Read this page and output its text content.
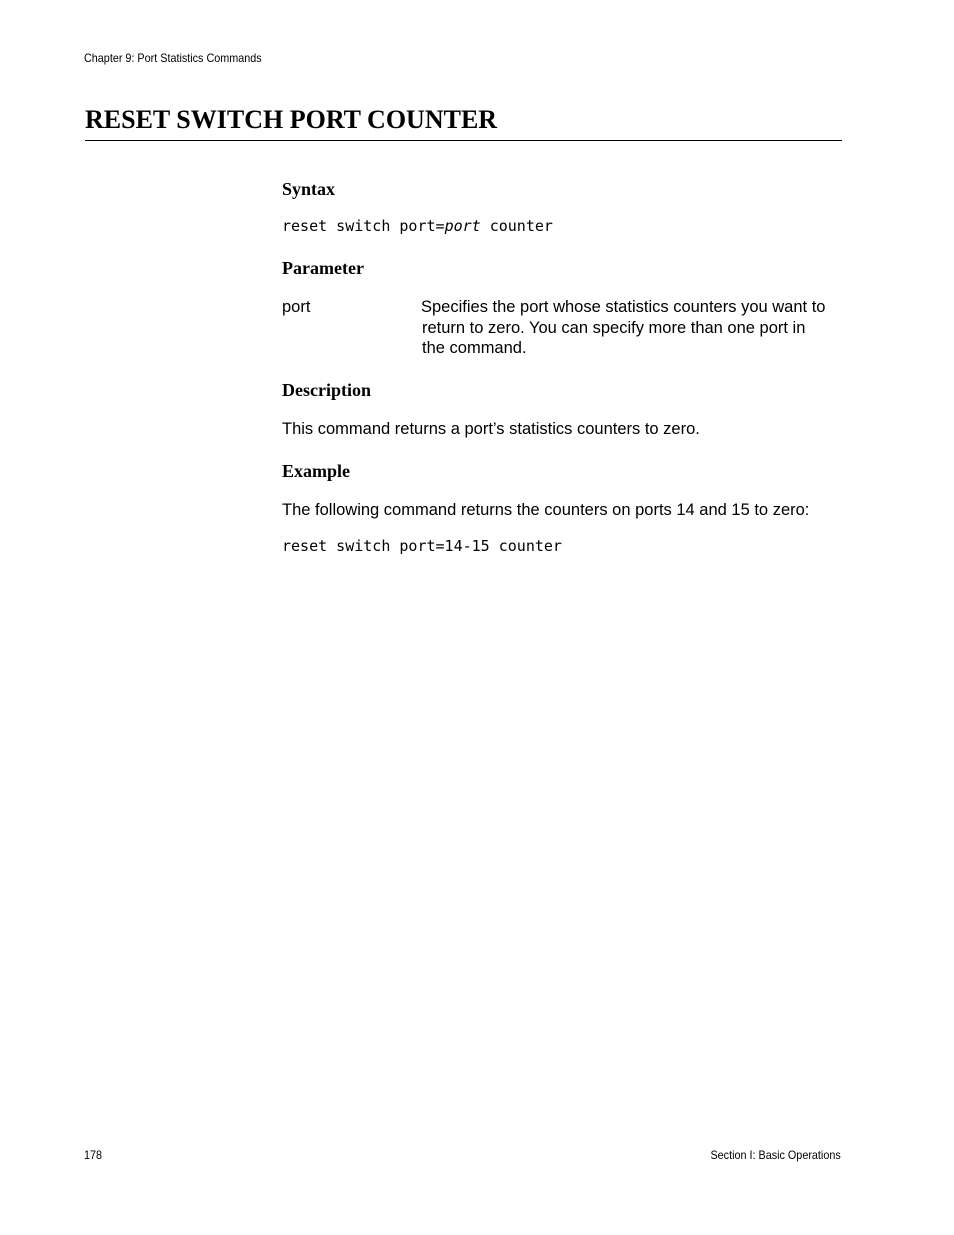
Chapter 9: Port Statistics Commands
RESET SWITCH PORT COUNTER
Syntax
reset switch port=port counter
Parameter
port	Specifies the port whose statistics counters you want to
return to zero. You can specify more than one port in
the command.
Description
This command returns a port’s statistics counters to zero.
Example
The following command returns the counters on ports 14 and 15 to zero:
reset switch port=14-15 counter
178	Section I: Basic Operations
